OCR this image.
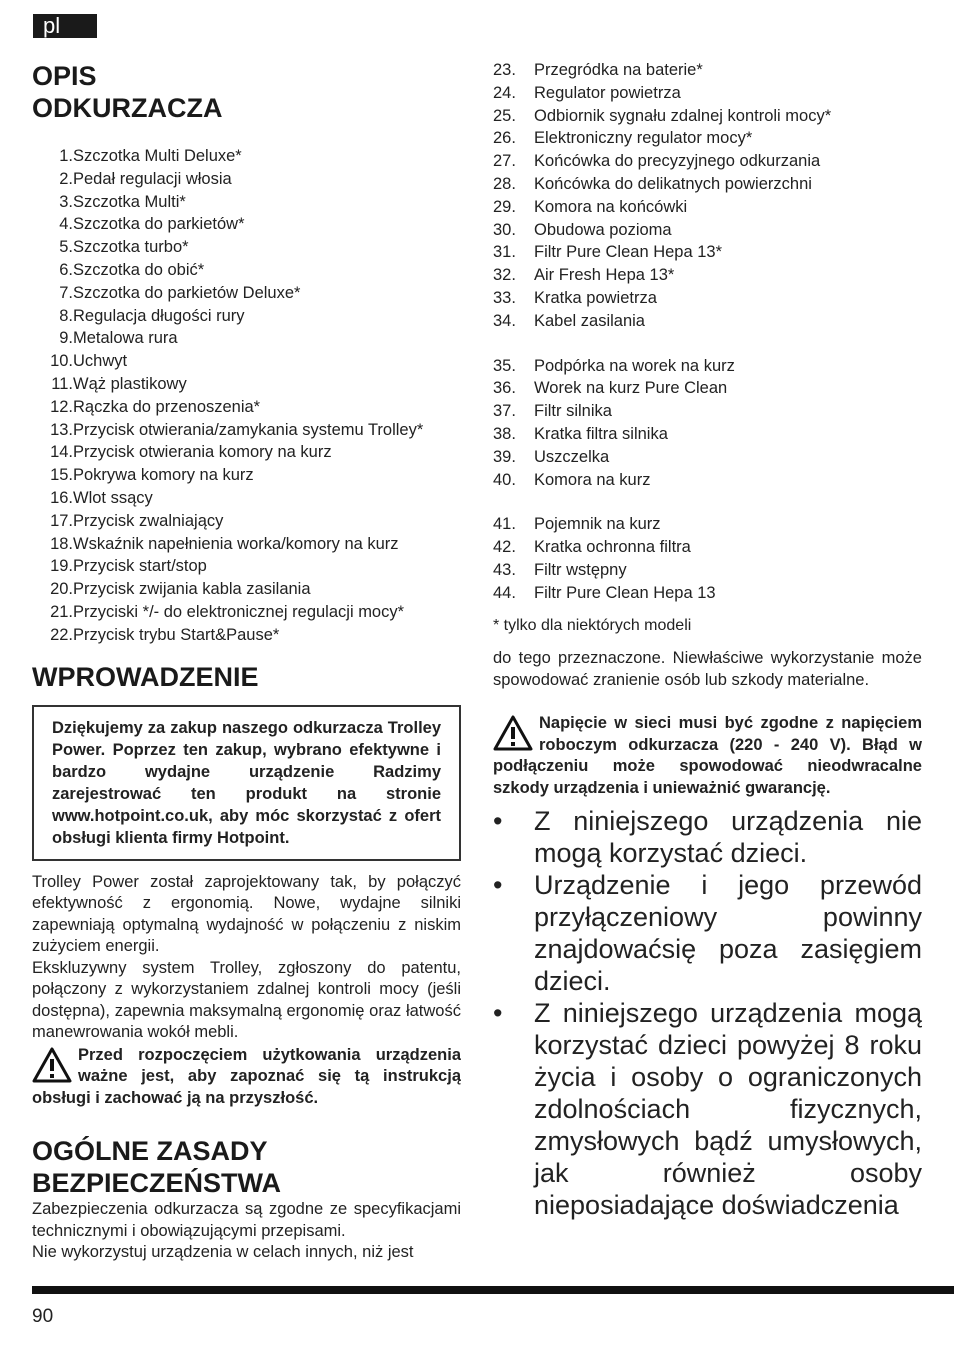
pl
OPIS
ODKURZACZA
1. Szczotka Multi Deluxe*
2. Pedał regulacji włosia
3. Szczotka Multi*
4. Szczotka do parkietów*
5. Szczotka turbo*
6. Szczotka do obić*
7. Szczotka do parkietów Deluxe*
8. Regulacja długości rury
9. Metalowa rura
10. Uchwyt
11. Wąż plastikowy
12. Rączka do przenoszenia*
13. Przycisk otwierania/zamykania systemu Trolley*
14. Przycisk otwierania komory na kurz
15. Pokrywa komory na kurz
16. Wlot ssący
17. Przycisk zwalniający
18. Wskaźnik napełnienia worka/komory na kurz
19. Przycisk start/stop
20. Przycisk zwijania kabla zasilania
21. Przyciski */- do elektronicznej regulacji mocy*
22. Przycisk trybu Start&Pause*
WPROWADZENIE
Dziękujemy za zakup naszego odkurzacza Trolley Power. Poprzez ten zakup, wybrano efektywne i bardzo wydajne urządzenie Radzimy zarejestrować ten produkt na stronie www.hotpoint.co.uk, aby móc skorzystać z ofert obsługi klienta firmy Hotpoint.

Trolley Power został zaprojektowany tak, by połączyć efektywność z ergonomią. Nowe, wydajne silniki zapewniają optymalną wydajność w połączeniu z niskim zużyciem energii.

Ekskluzywny system Trolley, zgłoszony do patentu, połączony z wykorzystaniem zdalnej kontroli mocy (jeśli dostępna), zapewnia maksymalną ergonomię oraz łatwość manewrowania wokół mebli.

Przed rozpoczęciem użytkowania urządzenia ważne jest, aby zapoznać się tą instrukcją obsługi i zachować ją na przyszłość.

OGÓLNE ZASADY
BEZPIECZEŃSTWA

Zabezpieczenia odkurzacza są zgodne ze specyfikacjami technicznymi i obowiązującymi przepisami.

Nie wykorzystuj urządzenia w celach innych, niż jest

23.	Przegródka na baterie*
24.	Regulator powietrza
25.	Odbiornik sygnału zdalnej kontroli mocy*
26.	Elektroniczny regulator mocy*
27.	Końcówka do precyzyjnego odkurzania
28.	Końcówka do delikatnych powierzchni
29.	Komora na końcówki
30.	Obudowa pozioma
31.	Filtr Pure Clean Hepa 13*
32.	Air Fresh Hepa 13*
33.	Kratka powietrza
34.	Kabel zasilania
35.	Podpórka na worek na kurz
36.	Worek na kurz Pure Clean
37.	Filtr silnika
38.	Kratka filtra silnika
39.	Uszczelka
40.	Komora na kurz
41.	Pojemnik na kurz
42.	Kratka ochronna filtra
43.	Filtr wstępny
44.	Filtr Pure Clean Hepa 13

* tylko dla niektórych modeli

do tego przeznaczone. Niewłaściwe wykorzystanie może spowodować zranienie osób lub szkody materialne.

Napięcie w sieci musi być zgodne z napięciem roboczym odkurzacza (220 - 240 V). Błąd w podłączeniu może spowodować nieodwracalne szkody urządzenia i unieważnić gwarancję.

• Z niniejszego urządzenia nie mogą korzystać dzieci.
• Urządzenie i jego przewód przyłączeniowy powinny znajdowaćsię poza zasięgiem dzieci.
• Z niniejszego urządzenia mogą korzystać dzieci powyżej 8 roku życia i osoby o ograniczonych zdolnościach fizycznych, zmysłowych bądź umysłowych, jak również osoby nieposiadające doświadczenia
90
